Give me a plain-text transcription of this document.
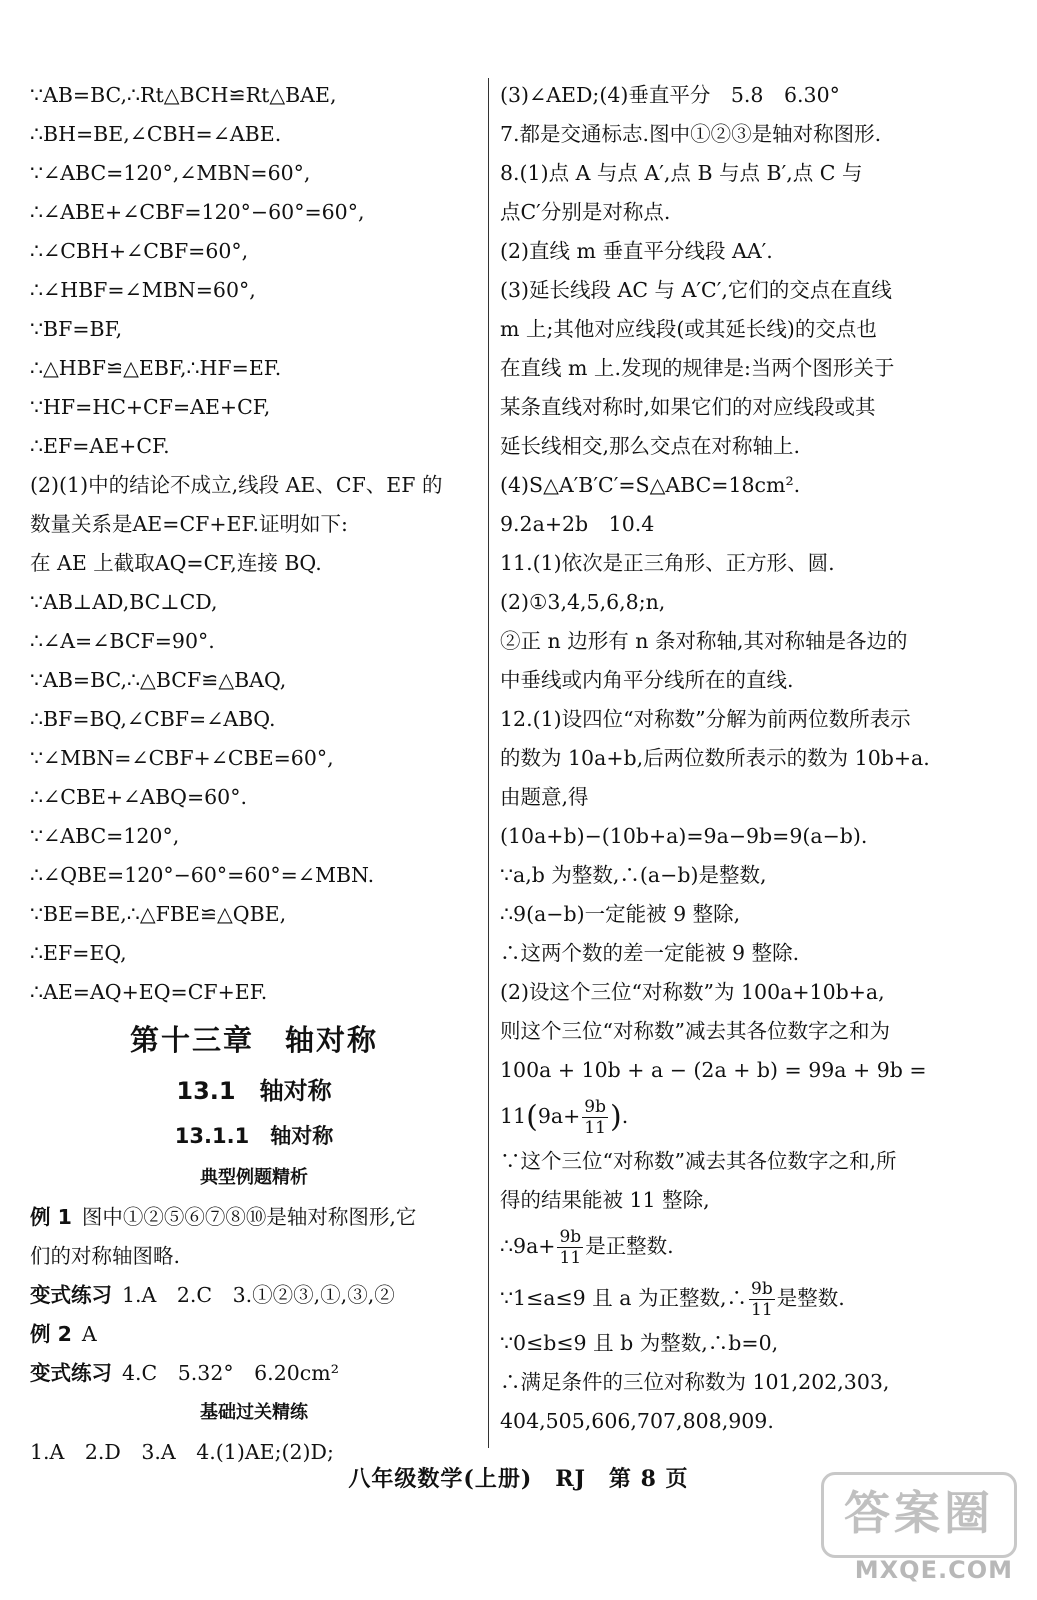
∵AB=BC,∴Rt△BCH≌Rt△BAE,
∴BH=BE,∠CBH=∠ABE.
∵∠ABC=120°,∠MBN=60°,
∴∠ABE+∠CBF=120°−60°=60°,
∴∠CBH+∠CBF=60°,
∴∠HBF=∠MBN=60°,
∵BF=BF,
∴△HBF≌△EBF,∴HF=EF.
∵HF=HC+CF=AE+CF,
∴EF=AE+CF.
(2)(1)中的结论不成立,线段 AE、CF、EF 的
数量关系是AE=CF+EF.证明如下:
在 AE 上截取AQ=CF,连接 BQ.
∵AB⊥AD,BC⊥CD,
∴∠A=∠BCF=90°.
∵AB=BC,∴△BCF≌△BAQ,
∴BF=BQ,∠CBF=∠ABQ.
∵∠MBN=∠CBF+∠CBE=60°,
∴∠CBE+∠ABQ=60°.
∵∠ABC=120°,
∴∠QBE=120°−60°=60°=∠MBN.
∵BE=BE,∴△FBE≌△QBE,
∴EF=EQ,
∴AE=AQ+EQ=CF+EF.
第十三章　轴对称
13.1　轴对称
13.1.1　轴对称
典型例题精析
例 1 图中①②⑤⑥⑦⑧⑩是轴对称图形,它
们的对称轴图略.
变式练习 1.A　2.C　3.①②③,①,③,②
例 2 A
变式练习 4.C　5.32°　6.20cm²
基础过关精练
1.A　2.D　3.A　4.(1)AE;(2)D;
(3)∠AED;(4)垂直平分　5.8　6.30°
7.都是交通标志.图中①②③是轴对称图形.
8.(1)点 A 与点 A′,点 B 与点 B′,点 C 与
点C′分别是对称点.
(2)直线 m 垂直平分线段 AA′.
(3)延长线段 AC 与 A′C′,它们的交点在直线
m 上;其他对应线段(或其延长线)的交点也
在直线 m 上.发现的规律是:当两个图形关于
某条直线对称时,如果它们的对应线段或其
延长线相交,那么交点在对称轴上.
(4)S△A′B′C′=S△ABC=18cm².
9.2a+2b　10.4
11.(1)依次是正三角形、正方形、圆.
(2)①3,4,5,6,8;n,
②正 n 边形有 n 条对称轴,其对称轴是各边的
中垂线或内角平分线所在的直线.
12.(1)设四位“对称数”分解为前两位数所表示
的数为 10a+b,后两位数所表示的数为 10b+a.
由题意,得
(10a+b)−(10b+a)=9a−9b=9(a−b).
∵a,b 为整数,∴(a−b)是整数,
∴9(a−b)一定能被 9 整除,
∴这两个数的差一定能被 9 整除.
(2)设这个三位“对称数”为 100a+10b+a,
则这个三位“对称数”减去其各位数字之和为
100a + 10b + a − (2a + b) = 99a + 9b =
$11(9a+ \frac{9b}{11}$ ).
∵这个三位“对称数”减去其各位数字之和,所
得的结果能被 11 整除,
∴9a+ $\frac{9b}{11}$ 是正整数.
∵1≤a≤9 且 a 为正整数,∴ $\frac{9b}{11}$ 是整数.
∵0≤b≤9 且 b 为整数,∴b=0,
∴满足条件的三位对称数为 101,202,303,
404,505,606,707,808,909.
八年级数学(上册)　RJ　第 8 页
答案圈
MXQE.COM
